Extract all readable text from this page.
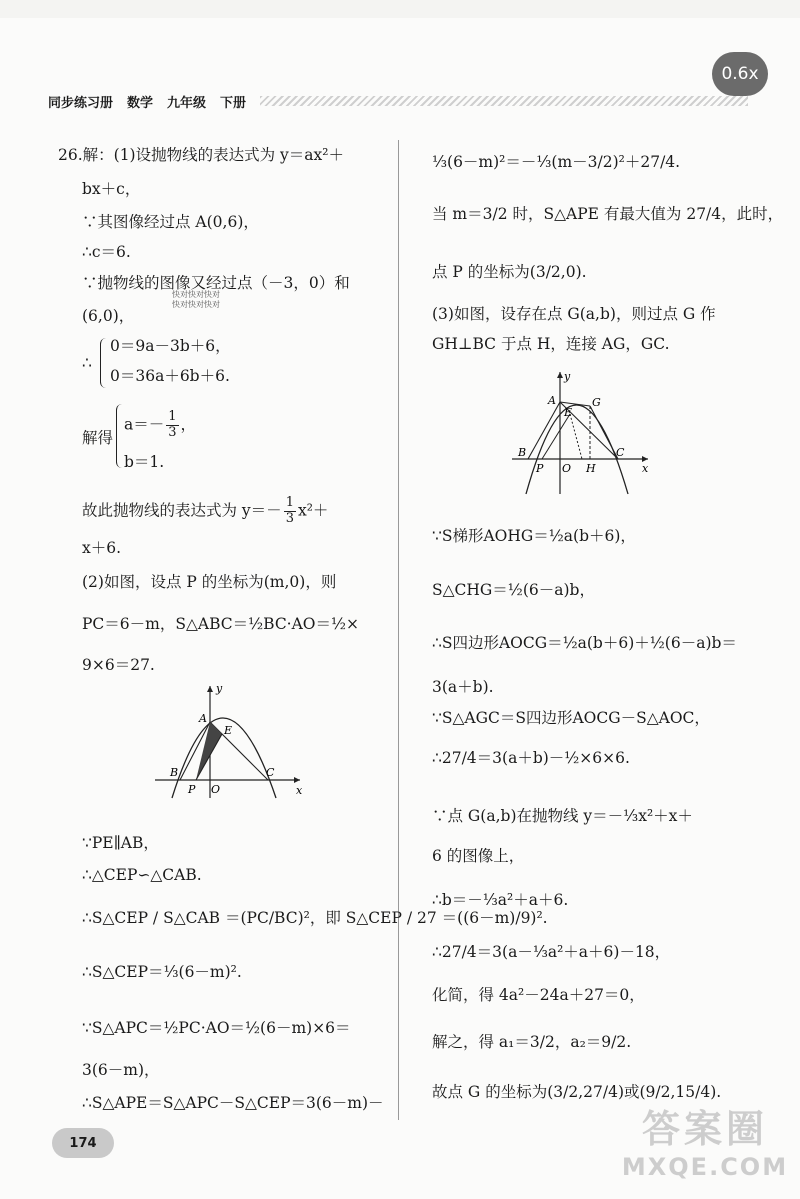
0.6x
同步练习册 数学 九年级 下册
26.解：(1)设抛物线的表达式为 y＝ax²＋
bx＋c，
∵其图像经过点 A(0,6)，
∴c＝6.
∵抛物线的图像又经过点（－3，0）和
快对快对快对
快对快对快对
(6,0)，
∴
0＝9a－3b＋6，
0＝36a＋6b＋6.
解得
$a=- \frac{1}{3}$ ，
b＝1.
故此抛物线的表达式为 $y=- \frac{1}{3} x^2+$
x＋6.
(2)如图，设点 P 的坐标为(m,0)，则
PC＝6－m，S△ABC＝½BC·AO＝½×
9×6＝27.
y
x
A
E
B
P O
C
∵PE∥AB，
∴△CEP∽△CAB.
∴S△CEP / S△CAB ＝(PC/BC)²，即 S△CEP / 27 ＝((6－m)/9)².
∴S△CEP＝⅓(6－m)².
∵S△APC＝½PC·AO＝½(6－m)×6＝
3(6－m)，
∴S△APE＝S△APC－S△CEP＝3(6－m)－
⅓(6－m)²＝－⅓(m－3/2)²＋27/4.
当 m＝3/2 时，S△APE 有最大值为 27/4，此时，
点 P 的坐标为(3/2,0).
(3)如图，设存在点 G(a,b)，则过点 G 作
GH⊥BC 于点 H，连接 AG，GC.
y
x
A
E
G
B
P O H
C
∵S梯形AOHG＝½a(b＋6)，
S△CHG＝½(6－a)b，
∴S四边形AOCG＝½a(b＋6)＋½(6－a)b＝
3(a＋b).
∵S△AGC＝S四边形AOCG－S△AOC，
∴27/4＝3(a＋b)－½×6×6.
∵点 G(a,b)在抛物线 y＝－⅓x²＋x＋
6 的图像上，
∴b＝－⅓a²＋a＋6.
∴27/4＝3(a－⅓a²＋a＋6)－18，
化简，得 4a²－24a＋27＝0，
解之，得 a₁＝3/2，a₂＝9/2.
故点 G 的坐标为(3/2,27/4)或(9/2,15/4).
174	答案圈
MXQE.COM
